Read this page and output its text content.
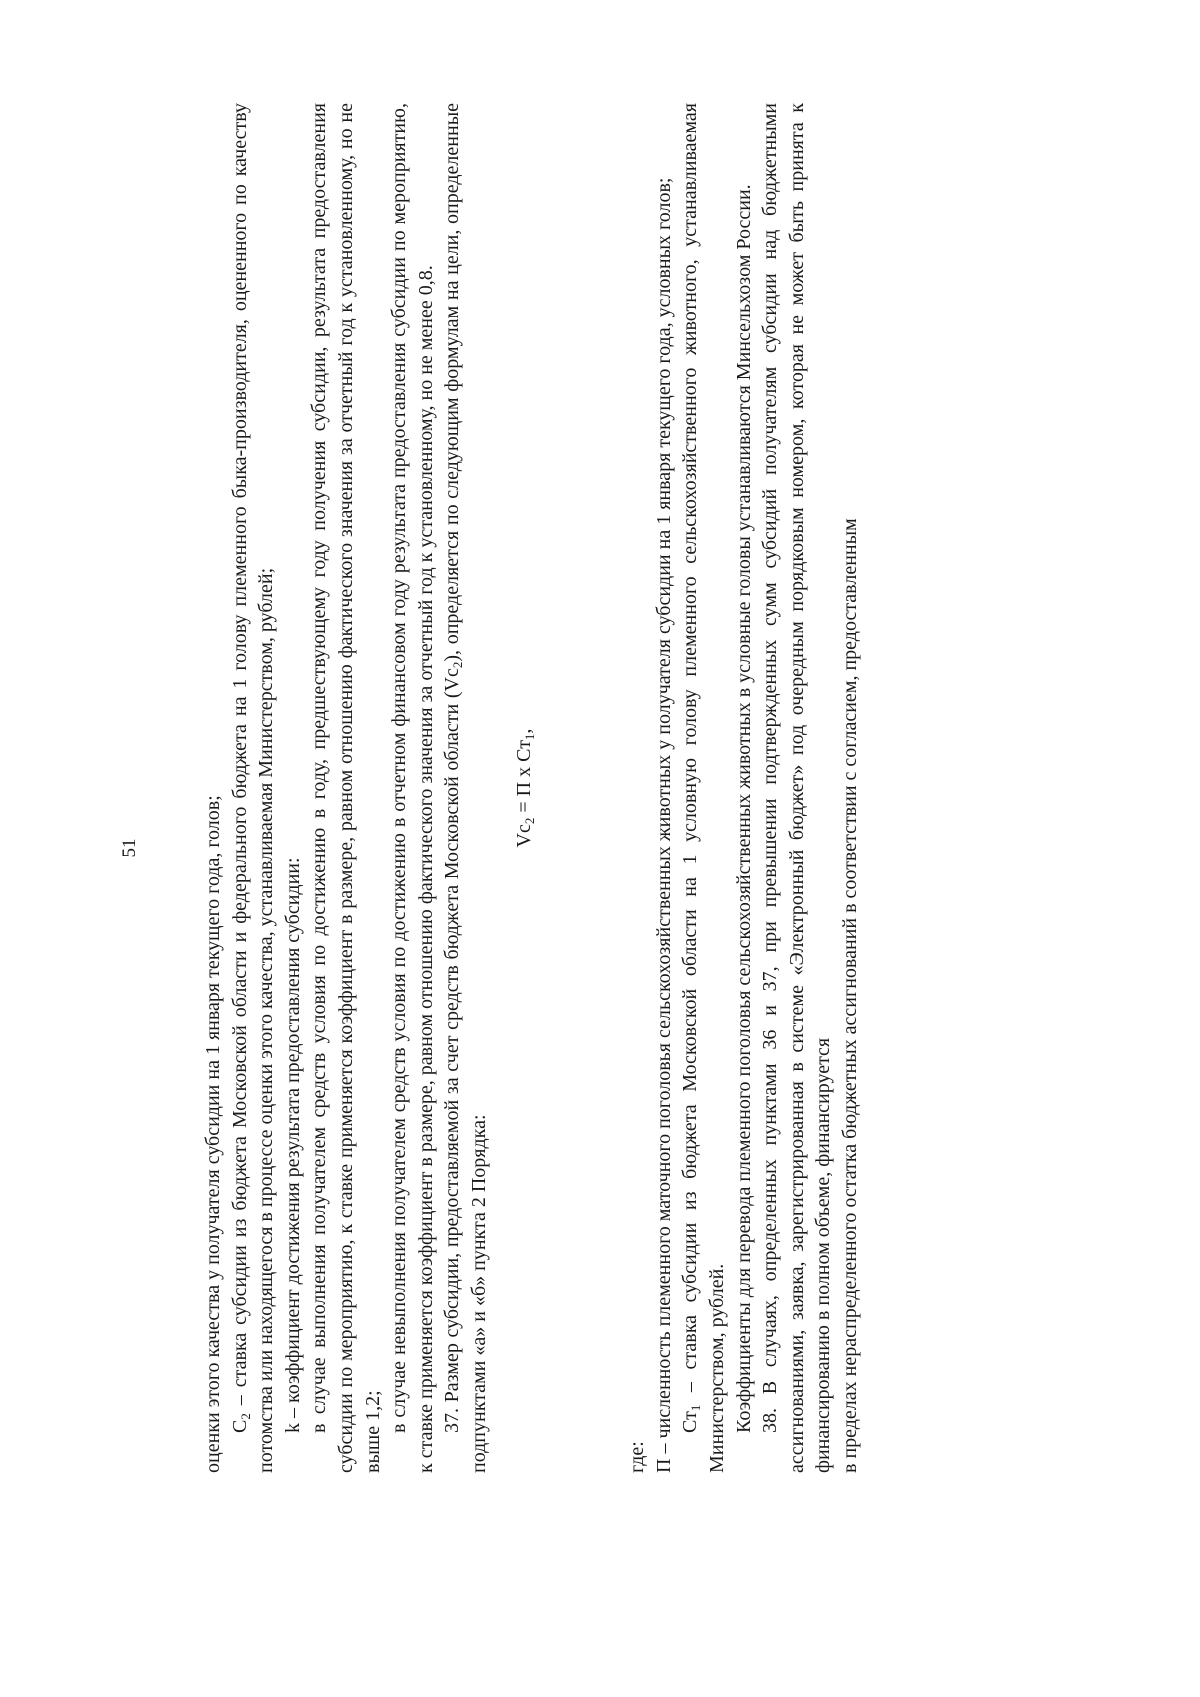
51	оценки этого качества у получателя субсидии на 1 января текущего года, голов; $С_2$ – ставка субсидии из бюджета Московской области и федерального бюджета на 1 голову племенного быка-производителя, оцененного по качеству потомства или находящегося в процессе оценки этого качества, устанавливаемая Министерством, рублей; k – коэффициент достижения результата предоставления субсидии: в случае выполнения получателем средств условия по достижению в году, предшествующему году получения субсидии, результата предоставления субсидии по мероприятию, к ставке применяется коэффициент в размере, равном отношению фактического значения за отчетный год к установленному, но не выше 1,2; в случае невыполнения получателем средств условия по достижению в отчетном финансовом году результата предоставления субсидии по мероприятию, к ставке применяется коэффициент в размере, равном отношению фактического значения за отчетный год к установленному, но не менее 0,8. 37. Размер субсидии, предоставляемой за счет средств бюджета Московской области $(Vc_2)$, определяется по следующим формулам на цели, определенные подпунктами «а» и «б» пункта 2 Порядка:

$Vc_2 = П$ x $Ст_1$,

где: П – численность племенного маточного поголовья сельскохозяйственных животных у получателя субсидии на 1 января текущего года, условных голов; $Ст_1$ – ставка субсидии из бюджета Московской области на 1 условную голову племенного сельскохозяйственного животного, устанавливаемая Министерством, рублей. Коэффициенты для перевода племенного поголовья сельскохозяйственных животных в условные головы устанавливаются Минсельхозом России. 38. В случаях, определенных пунктами 36 и 37, при превышении подтвержденных сумм субсидий получателям субсидии над бюджетными ассигнованиями, заявка, зарегистрированная в системе «Электронный бюджет» под очередным порядковым номером, которая не может быть принята к финансированию в полном объеме, финансируется в пределах нераспределенного остатка бюджетных ассигнований в соответствии с согласием, предоставленным
